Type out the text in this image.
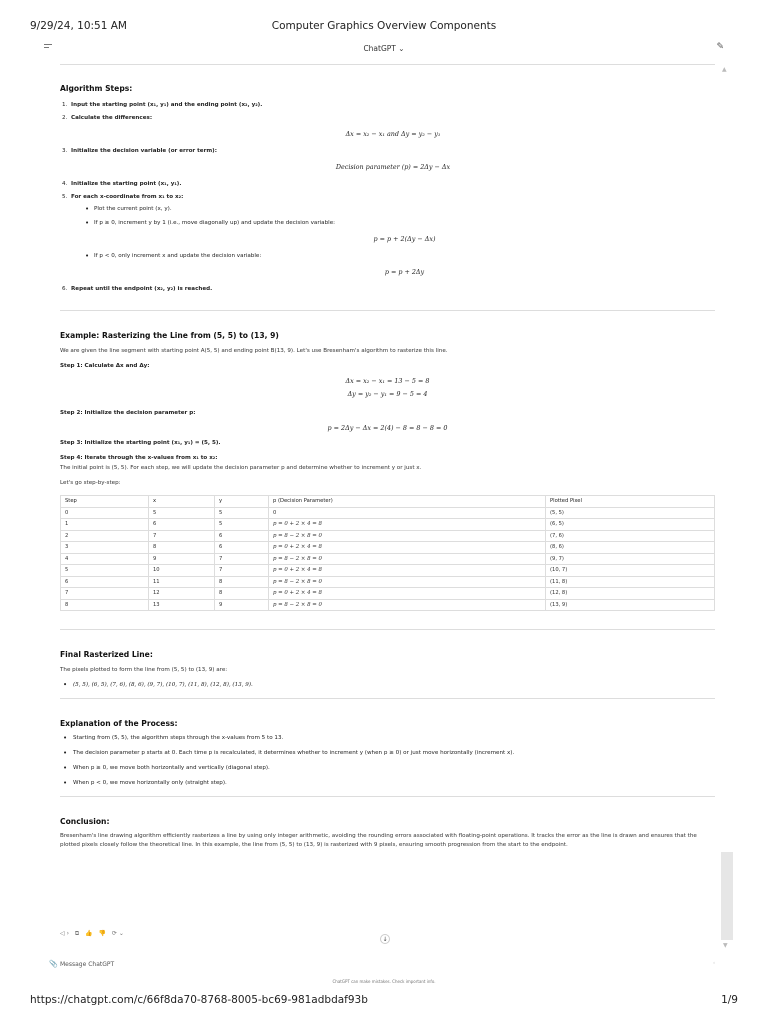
9/29/24, 10:51 AM	Computer Graphics Overview Components
ChatGPT ⌄	✎
▲
Algorithm Steps:
1. Input the starting point (x₁, y₁) and the ending point (x₂, y₂).
2. Calculate the differences:
Δx = x₂ − x₁ and Δy = y₂ − y₁
3. Initialize the decision variable (or error term):
Decision parameter (p) = 2Δy − Δx
4. Initialize the starting point (x₁, y₁).
5. For each x-coordinate from x₁ to x₂:
• Plot the current point (x, y).
• If p ≥ 0, increment y by 1 (i.e., move diagonally up) and update the decision variable:
p = p + 2(Δy − Δx)
• If p < 0, only increment x and update the decision variable:
p = p + 2Δy
6. Repeat until the endpoint (x₂, y₂) is reached.
Example: Rasterizing the Line from (5, 5) to (13, 9)

We are given the line segment with starting point A(5, 5) and ending point B(13, 9). Let's use Bresenham's algorithm to rasterize this line.

Step 1: Calculate Δx and Δy:

Δx = x₂ − x₁ = 13 − 5 = 8
Δy = y₂ − y₁ = 9 − 5 = 4

Step 2: Initialize the decision parameter p:

p = 2Δy − Δx = 2(4) − 8 = 8 − 8 = 0

Step 3: Initialize the starting point (x₁, y₁) = (5, 5).

Step 4: Iterate through the x-values from x₁ to x₂:

The initial point is (5, 5). For each step, we will update the decision parameter p and determine whether to increment y or just x.

Let's go step-by-step:

Step	x	y	p (Decision Parameter)	Plotted Pixel
0	5	5	0	(5, 5)
1	6	5	p = 0 + 2 × 4 = 8	(6, 5)
2	7	6	p = 8 − 2 × 8 = 0	(7, 6)
3	8	6	p = 0 + 2 × 4 = 8	(8, 6)
4	9	7	p = 8 − 2 × 8 = 0	(9, 7)
5	10	7	p = 0 + 2 × 4 = 8	(10, 7)
6	11	8	p = 8 − 2 × 8 = 0	(11, 8)
7	12	8	p = 0 + 2 × 4 = 8	(12, 8)
8	13	9	p = 8 − 2 × 8 = 0	(13, 9)
Final Rasterized Line:

The pixels plotted to form the line from (5, 5) to (13, 9) are:

• (5, 5), (6, 5), (7, 6), (8, 6), (9, 7), (10, 7), (11, 8), (12, 8), (13, 9).
Explanation of the Process:
• Starting from (5, 5), the algorithm steps through the x-values from 5 to 13.
• The decision parameter p starts at 0. Each time p is recalculated, it determines whether to increment y (when p ≥ 0) or just move horizontally (increment x).
• When p ≥ 0, we move both horizontally and vertically (diagonal step).
• When p < 0, we move horizontally only (straight step).
Conclusion:

Bresenham's line drawing algorithm efficiently rasterizes a line by using only integer arithmetic, avoiding the rounding errors associated with floating-point operations. It tracks the error as the line is drawn and ensures that the plotted pixels closely follow the theoretical line. In this example, the line from (5, 5) to (13, 9) is rasterized with 9 pixels, ensuring smooth progression from the start to the endpoint.

◁› ⧉ 👍 👎 ⟳⌄
↓
▼
📎 Message ChatGPT	◦
ChatGPT can make mistakes. Check important info.
https://chatgpt.com/c/66f8da70-8768-8005-bc69-981adbdaf93b	1/9
